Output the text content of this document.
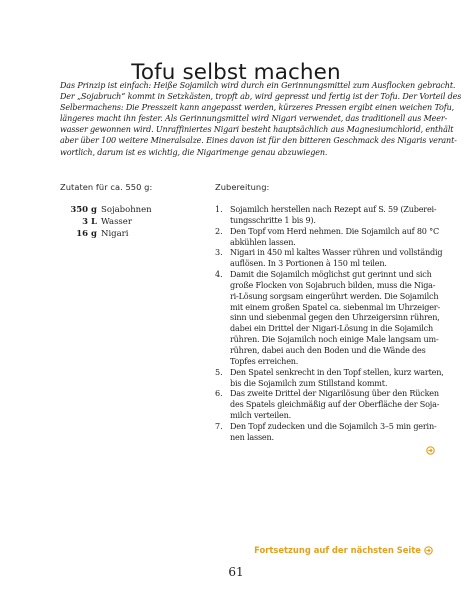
Tofu selbst machen

Das Prinzip ist einfach: Heiße Sojamilch wird durch ein Gerinnungsmittel zum Ausflocken gebracht.
Der „Sojabruch“ kommt in Setzkästen, tropft ab, wird gepresst und fertig ist der Tofu. Der Vorteil des
Selbermachens: Die Presszeit kann angepasst werden, kürzeres Pressen ergibt einen weichen Tofu,
längeres macht ihn fester. Als Gerinnungsmittel wird Nigari verwendet, das traditionell aus Meer-
wasser gewonnen wird. Unraffiniertes Nigari besteht hauptsächlich aus Magnesiumchlorid, enthält
aber über 100 weitere Mineralsalze. Eines davon ist für den bitteren Geschmack des Nigaris verant-
wortlich, darum ist es wichtig, die Nigarimenge genau abzuwiegen.

Zutaten für ca. 550 g:	Zubereitung:
350 g Sojabohnen
3 L Wasser
16 g Nigari
1. Sojamilch herstellen nach Rezept auf S. 59 (Zuberei-
tungsschritte 1 bis 9).
2. Den Topf vom Herd nehmen. Die Sojamilch auf 80 °C
abkühlen lassen.
3. Nigari in 450 ml kaltes Wasser rühren und vollständig
auflösen. In 3 Portionen à 150 ml teilen.
4. Damit die Sojamilch möglichst gut gerinnt und sich
große Flocken von Sojabruch bilden, muss die Niga-
ri-Lösung sorgsam eingerührt werden. Die Sojamilch
mit einem großen Spatel ca. siebenmal im Uhrzeiger-
sinn und siebenmal gegen den Uhrzeigersinn rühren,
dabei ein Drittel der Nigari-Lösung in die Sojamilch
rühren. Die Sojamilch noch einige Male langsam um-
rühren, dabei auch den Boden und die Wände des
Topfes erreichen.
5. Den Spatel senkrecht in den Topf stellen, kurz warten,
bis die Sojamilch zum Stillstand kommt.
6. Das zweite Drittel der Nigarilösung über den Rücken
des Spatels gleichmäßig auf der Oberfläche der Soja-
milch verteilen.
7. Den Topf zudecken und die Sojamilch 3–5 min gerin-
nen lassen.
Fortsetzung auf der nächsten Seite
61
